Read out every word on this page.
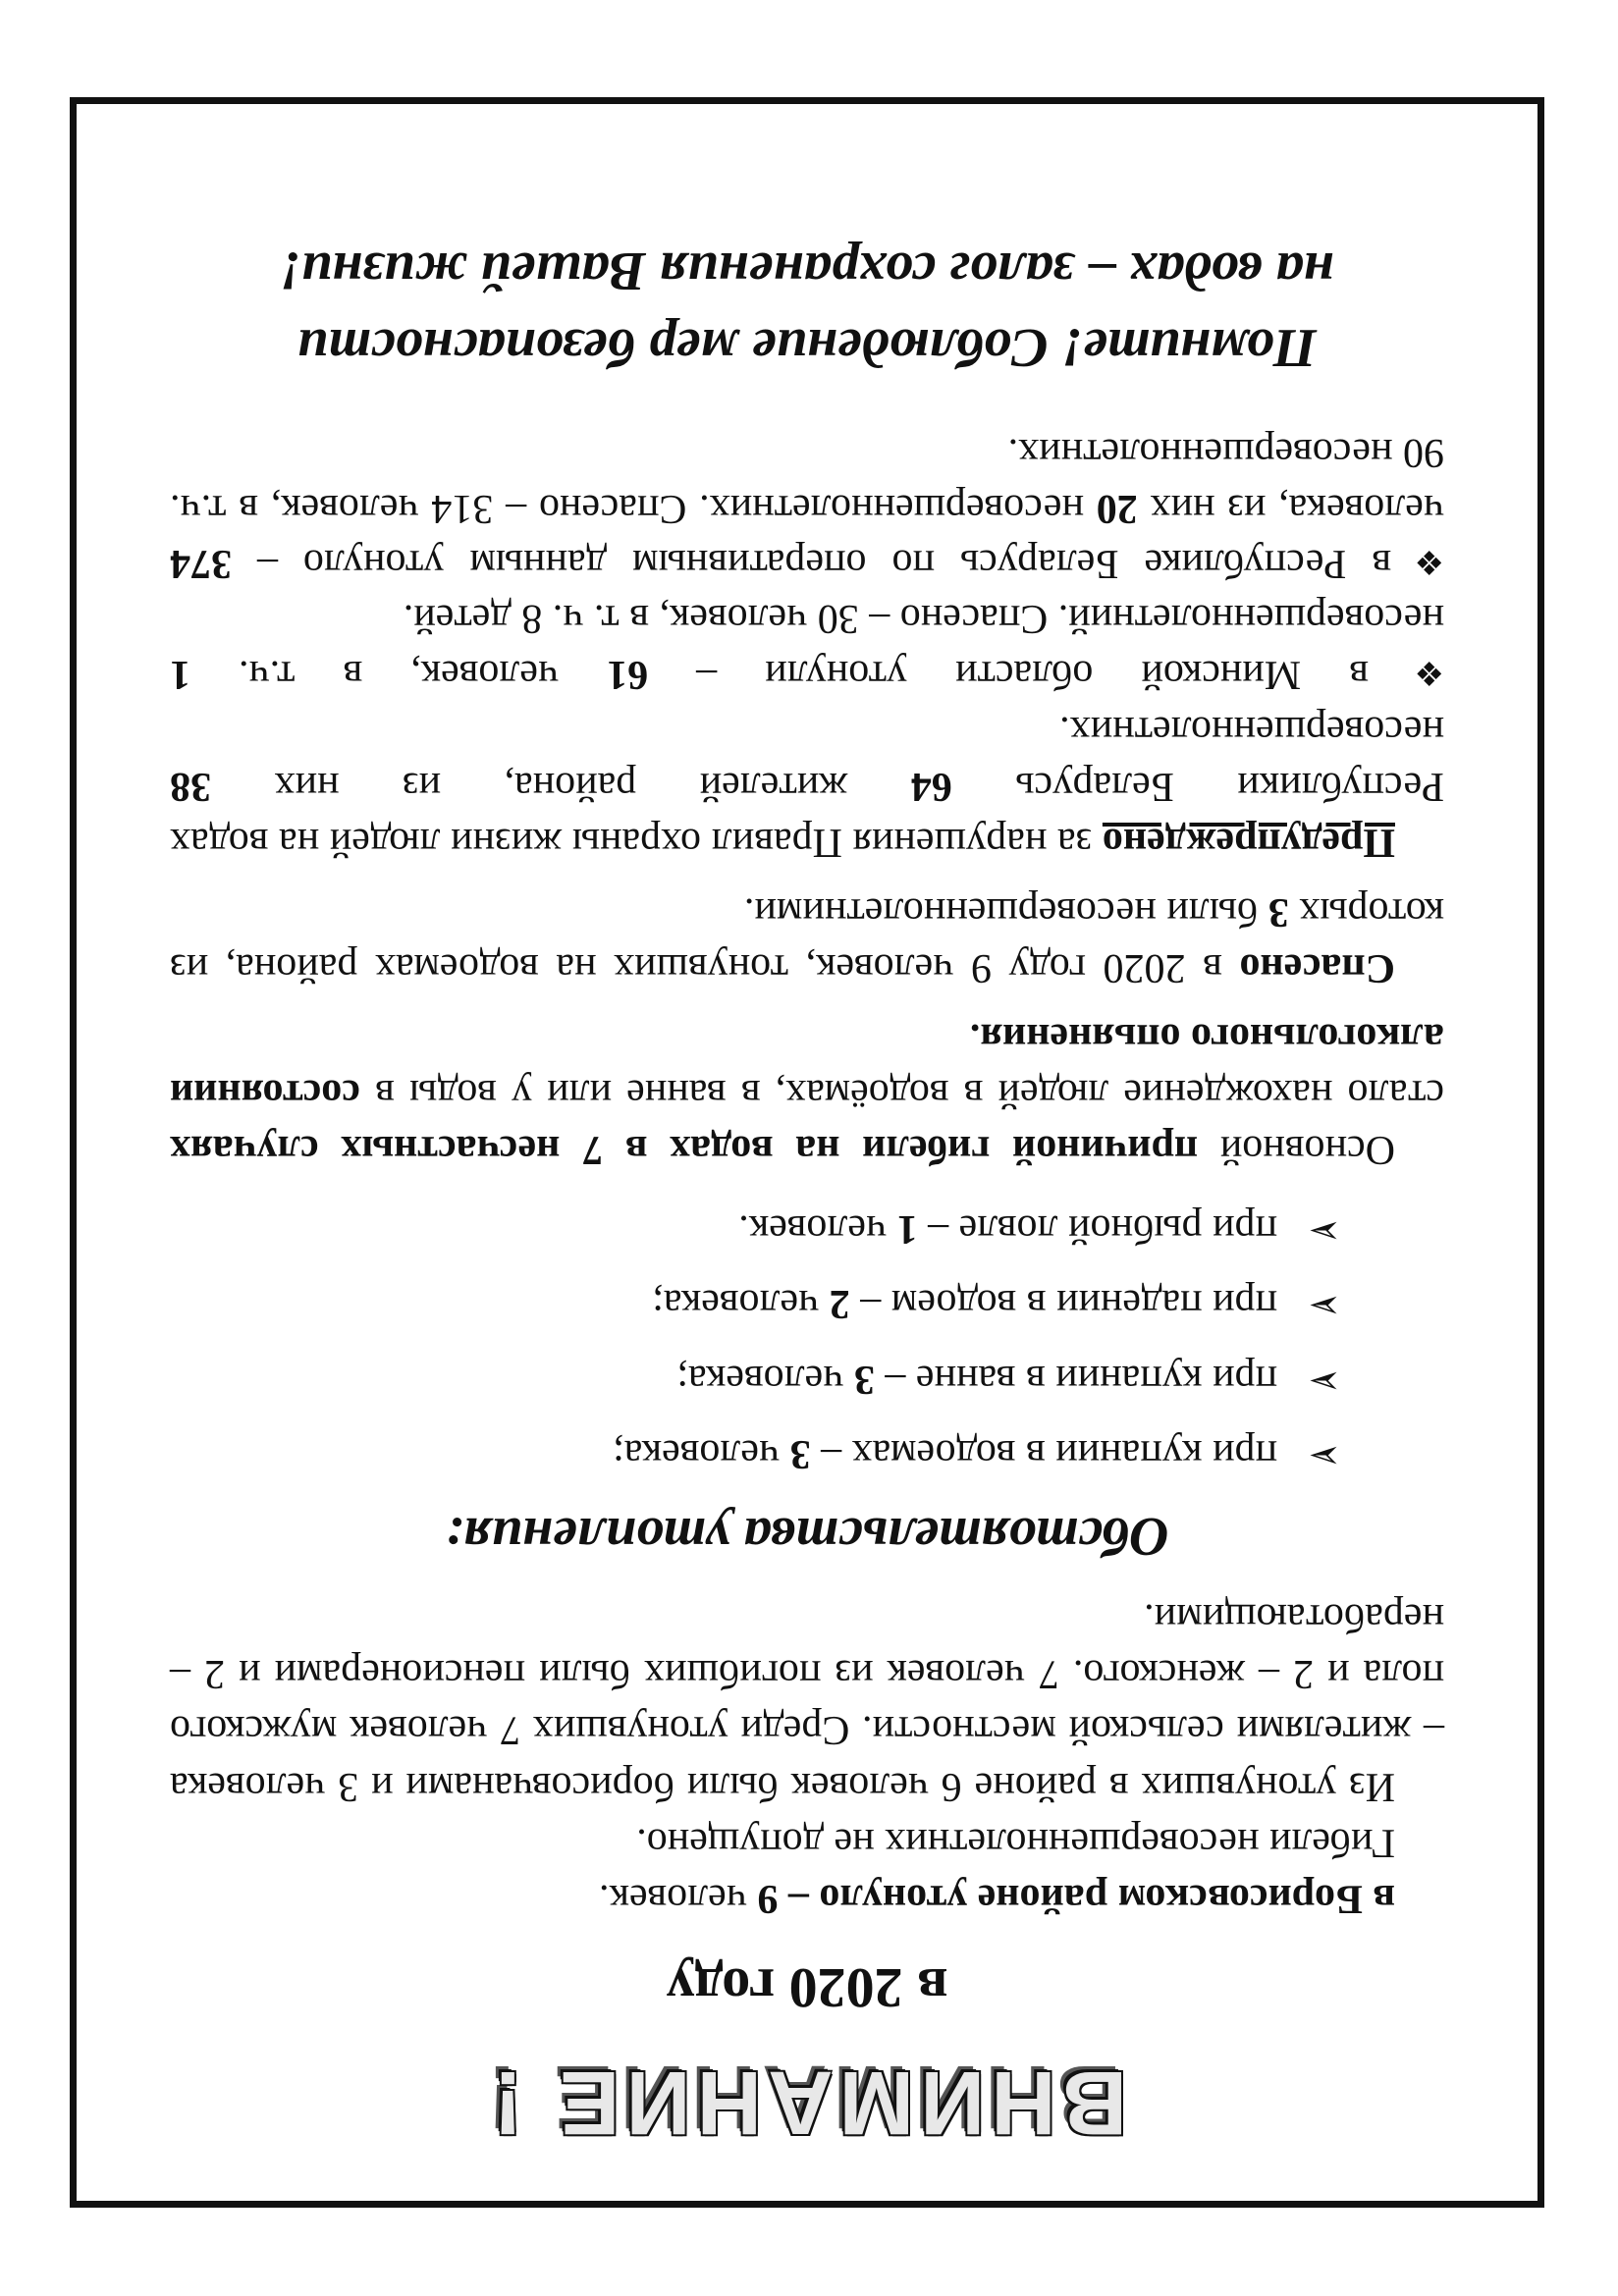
ВНИМАНИЕ !
в 2020 году

в Борисовском районе утонуло – 9 человек.

Гибели несовершеннолетних не допущено.

Из утонувших в районе 6 человек были борисовчанами и 3 человека – жителями сельской местности. Среди утонувших 7 человек мужского пола и 2 – женского. 7 человек из погибших были пенсионерами и 2 – неработающими.

Обстоятельства утопления:
➢
при купании в водоемах – 3 человека;
➢
при купании в ванне – 3 человека;
➢
при падении в водоем – 2 человека;
➢
при рыбной ловле – 1 человек.

Основной причиной гибели на водах в 7 несчастных случаях стало нахождение людей в водоёмах, в ванне или у воды в состоянии алкогольного опьянения.

Спасено в 2020 году 9 человек, тонувших на водоемах района, из которых 3 были несовершеннолетними.

Предупреждено за нарушения Правил охраны жизни людей на водах Республики Беларусь 64 жителей района, из них 38 несовершеннолетних.

❖в Минской области утонули – 61 человек, в т.ч. 1 несовершеннолетний. Спасено – 30 человек, в т. ч. 8 детей.
❖в Республике Беларусь по оперативным данным утонуло – 374 человека, из них 20 несовершеннолетних. Спасено – 314 человек, в т.ч. 90 несовершеннолетних.
Помните! Соблюдение мер безопасности
на водах – залог сохранения Вашей жизни!
